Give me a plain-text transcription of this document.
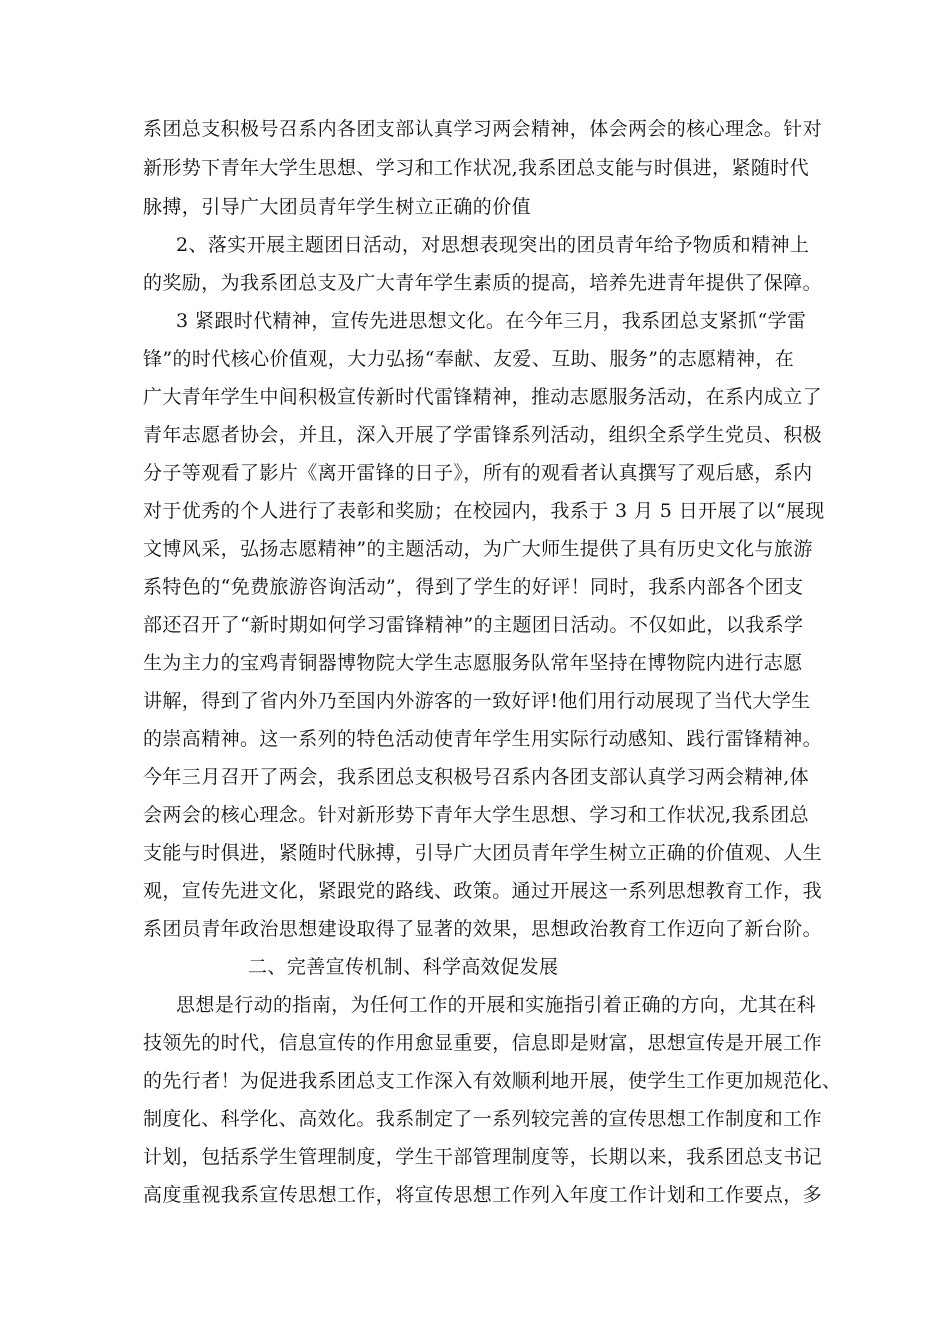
系团总支积极号召系内各团支部认真学习两会精神，体会两会的核心理念。针对
新形势下青年大学生思想、学习和工作状况,我系团总支能与时俱进，紧随时代
脉搏，引导广大团员青年学生树立正确的价值
2、落实开展主题团日活动，对思想表现突出的团员青年给予物质和精神上
的奖励，为我系团总支及广大青年学生素质的提高，培养先进青年提供了保障。
3 紧跟时代精神，宣传先进思想文化。在今年三月，我系团总支紧抓“学雷
锋”的时代核心价值观，大力弘扬“奉献、友爱、互助、服务”的志愿精神，在
广大青年学生中间积极宣传新时代雷锋精神，推动志愿服务活动，在系内成立了
青年志愿者协会，并且，深入开展了学雷锋系列活动，组织全系学生党员、积极
分子等观看了影片《离开雷锋的日子》，所有的观看者认真撰写了观后感，系内
对于优秀的个人进行了表彰和奖励；在校园内，我系于 3 月 5 日开展了以“展现
文博风采，弘扬志愿精神”的主题活动，为广大师生提供了具有历史文化与旅游
系特色的“免费旅游咨询活动”，得到了学生的好评！同时，我系内部各个团支
部还召开了“新时期如何学习雷锋精神”的主题团日活动。不仅如此，以我系学
生为主力的宝鸡青铜器博物院大学生志愿服务队常年坚持在博物院内进行志愿
讲解，得到了省内外乃至国内外游客的一致好评!他们用行动展现了当代大学生
的崇高精神。这一系列的特色活动使青年学生用实际行动感知、践行雷锋精神。
今年三月召开了两会，我系团总支积极号召系内各团支部认真学习两会精神,体
会两会的核心理念。针对新形势下青年大学生思想、学习和工作状况,我系团总
支能与时俱进，紧随时代脉搏，引导广大团员青年学生树立正确的价值观、人生
观，宣传先进文化，紧跟党的路线、政策。通过开展这一系列思想教育工作，我
系团员青年政治思想建设取得了显著的效果，思想政治教育工作迈向了新台阶。
二、完善宣传机制、科学高效促发展
思想是行动的指南，为任何工作的开展和实施指引着正确的方向，尤其在科
技领先的时代，信息宣传的作用愈显重要，信息即是财富，思想宣传是开展工作
的先行者！为促进我系团总支工作深入有效顺利地开展，使学生工作更加规范化、
制度化、科学化、高效化。我系制定了一系列较完善的宣传思想工作制度和工作
计划，包括系学生管理制度，学生干部管理制度等，长期以来，我系团总支书记
高度重视我系宣传思想工作，将宣传思想工作列入年度工作计划和工作要点，多
